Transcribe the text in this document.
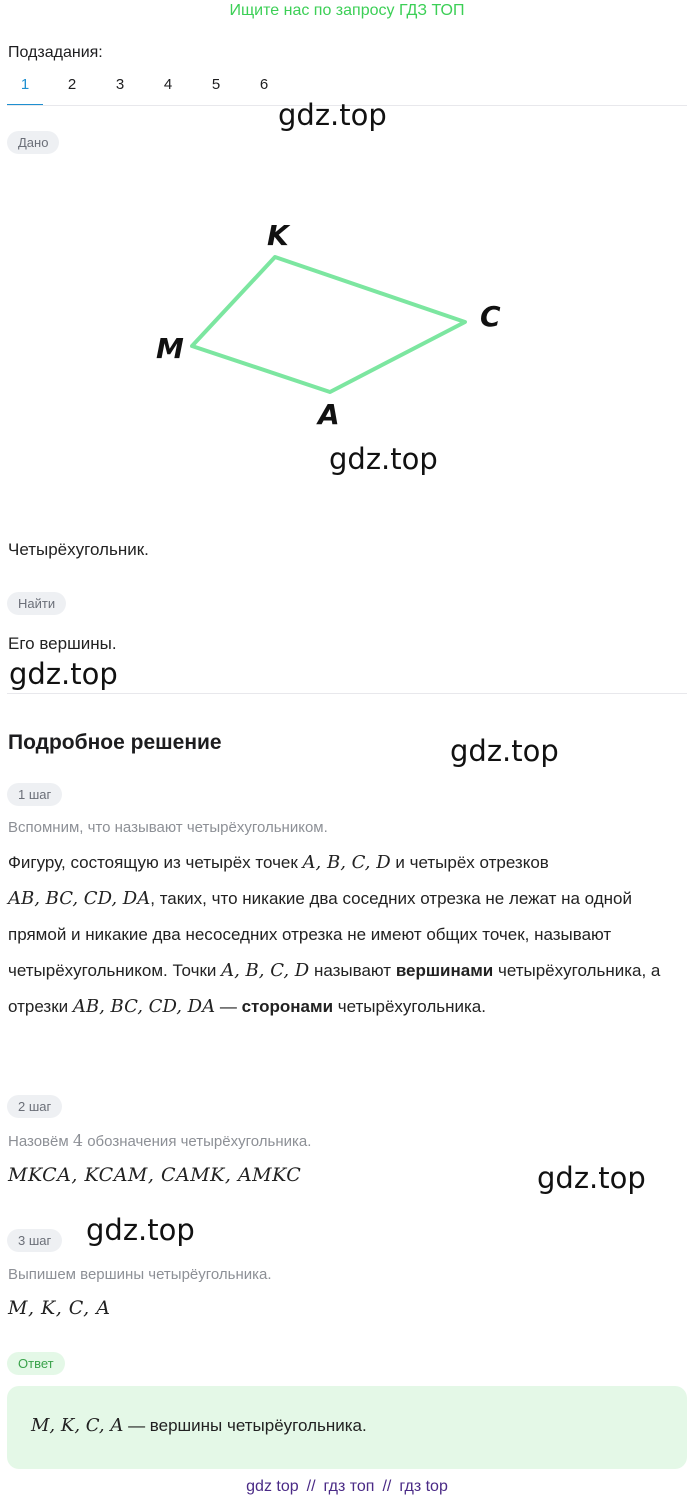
Ищите нас по запросу ГДЗ ТОП
Подзадания:
1	2	3	4	5	6
gdz.top
Дано
K
C
A
M
gdz.top
Четырёхугольник.
Найти
Его вершины.
gdz.top
Подробное решение	gdz.top
1 шаг
Вспомним, что называют четырёхугольником.
Фигуру, состоящую из четырёх точек A, B, C, D и четырёх отрезков
AB, BC, CD, DA, таких, что никакие два соседних отрезка не лежат на одной прямой и никакие два несоседних отрезка не имеют общих точек, называют четырёхугольником. Точки A, B, C, D называют вершинами четырёхугольника, а отрезки AB, BC, CD, DA — сторонами четырёхугольника.
2 шаг
Назовём 4 обозначения четырёхугольника.
MKCA, KCAM, CAMK, AMKC	gdz.top
gdz.top
3 шаг
Выпишем вершины четырёугольника.
M, K, C, A
Ответ
M, K, C, A — вершины четырёугольника.
gdz top // гдз топ // гдз top
